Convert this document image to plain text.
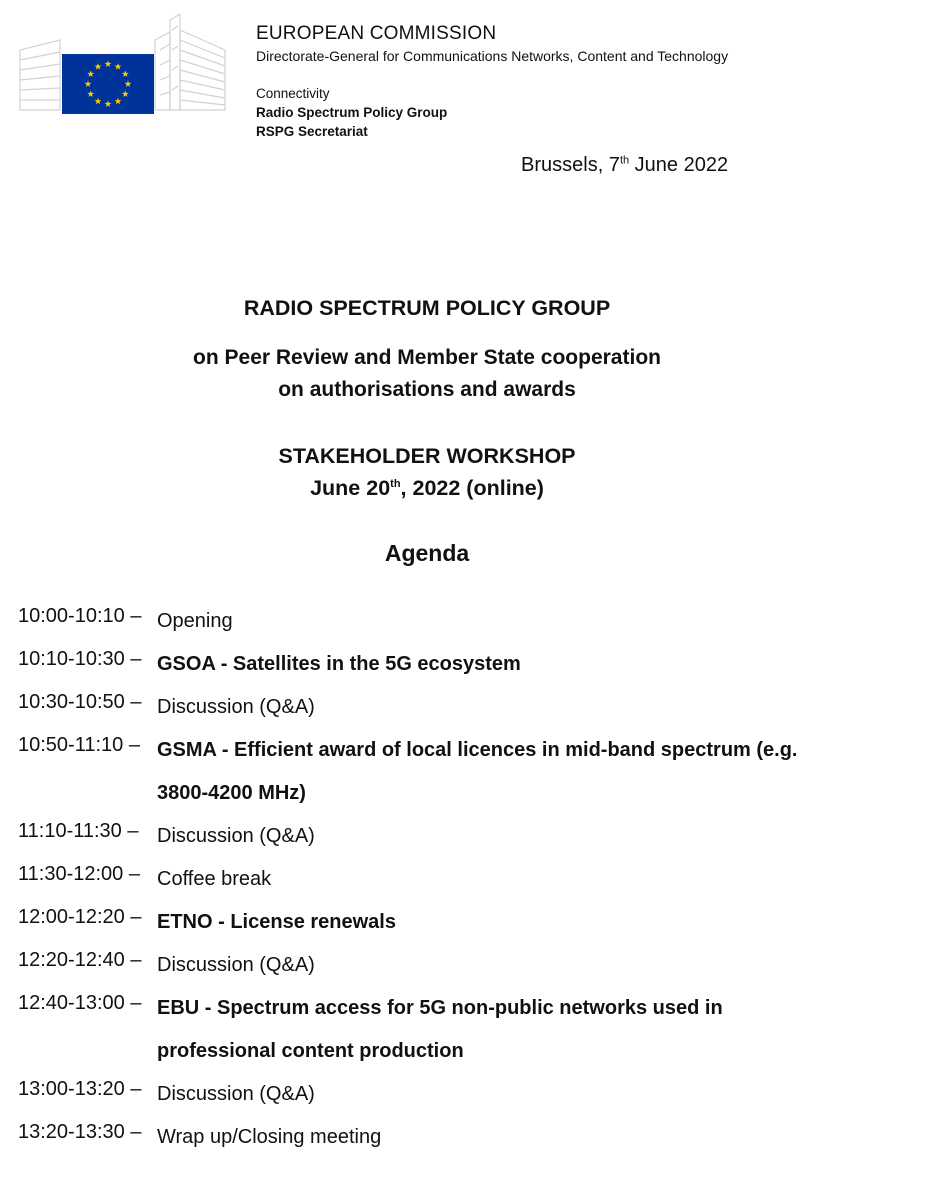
EUROPEAN COMMISSION
Directorate-General for Communications Networks, Content and Technology
Connectivity
Radio Spectrum Policy Group
RSPG Secretariat
Brussels, 7th June 2022
RADIO SPECTRUM POLICY GROUP
on Peer Review and Member State cooperation
on authorisations and awards
STAKEHOLDER WORKSHOP
June 20th, 2022 (online)
Agenda
10:00-10:10 – Opening
10:10-10:30 – GSOA - Satellites in the 5G ecosystem
10:30-10:50 – Discussion (Q&A)
10:50-11:10 – GSMA - Efficient award of local licences in mid-band spectrum (e.g.
3800-4200 MHz)
11:10-11:30 – Discussion (Q&A)
11:30-12:00 – Coffee break
12:00-12:20 – ETNO - License renewals
12:20-12:40 – Discussion (Q&A)
12:40-13:00 – EBU - Spectrum access for 5G non-public networks used in
professional content production
13:00-13:20 – Discussion (Q&A)
13:20-13:30 – Wrap up/Closing meeting
